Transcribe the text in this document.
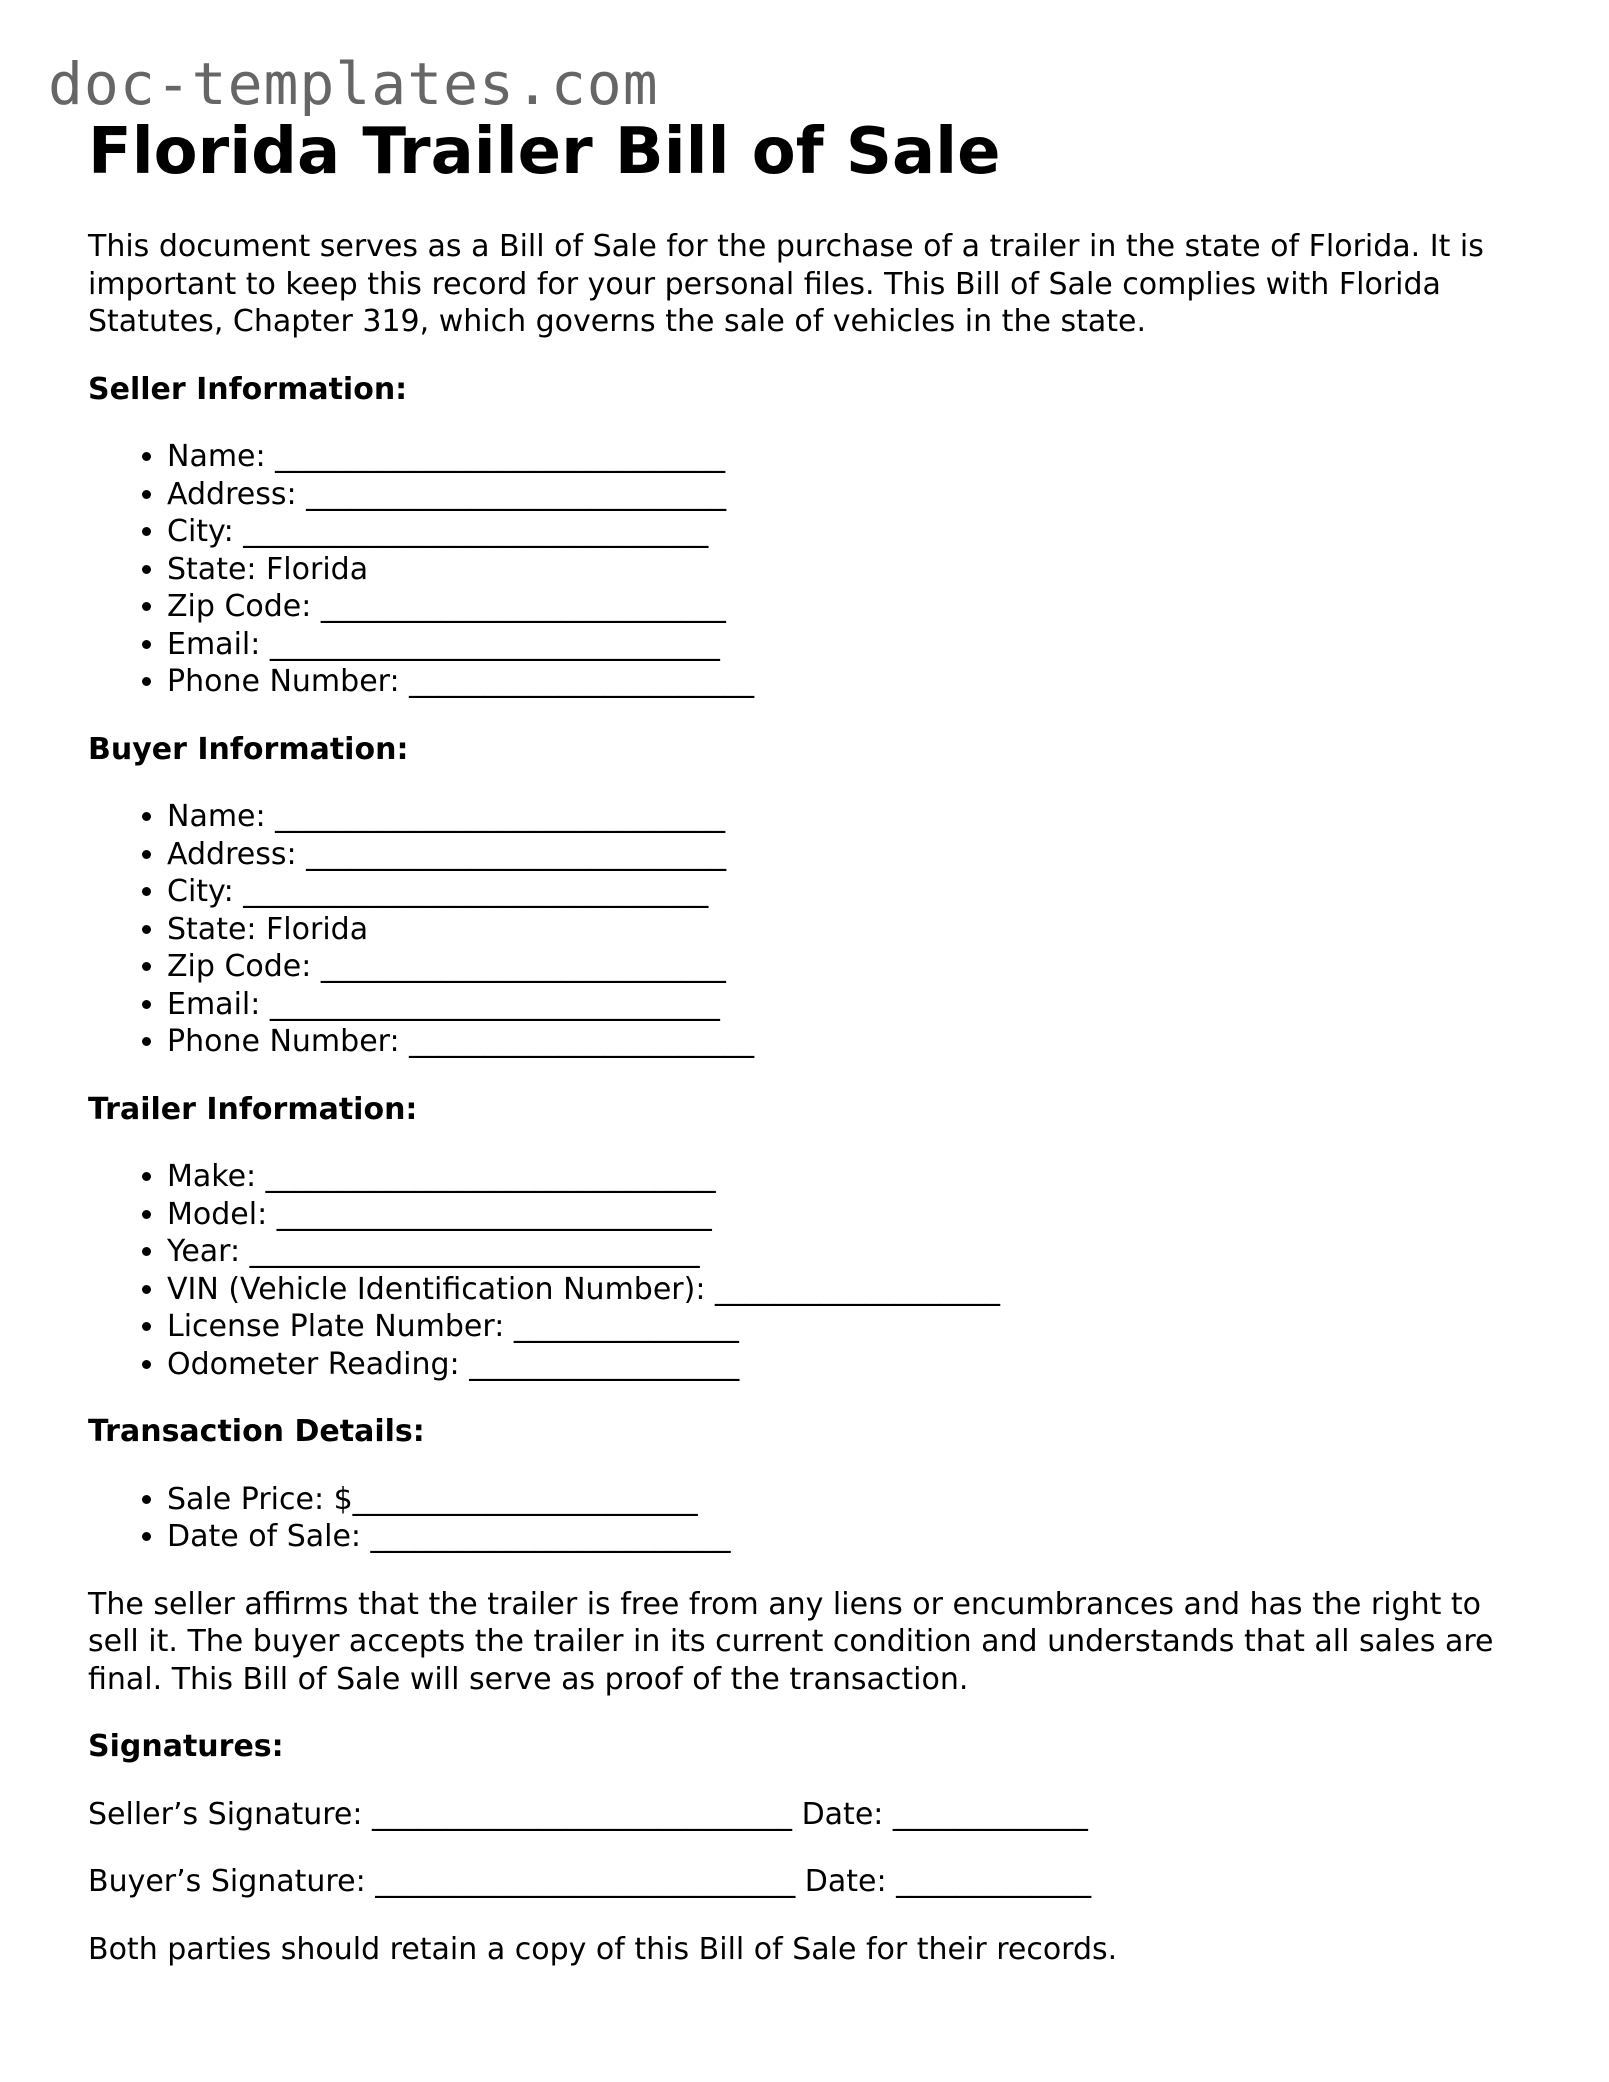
doc-templates.com
Florida Trailer Bill of Sale

This document serves as a Bill of Sale for the purchase of a trailer in the state of Florida. It is important to keep this record for your personal files. This Bill of Sale complies with Florida Statutes, Chapter 319, which governs the sale of vehicles in the state.

Seller Information:
• Name: ______________________________
• Address: ____________________________
• City: _______________________________
• State: Florida
• Zip Code: ___________________________
• Email: ______________________________
• Phone Number: _______________________
Buyer Information:
• Name: ______________________________
• Address: ____________________________
• City: _______________________________
• State: Florida
• Zip Code: ___________________________
• Email: ______________________________
• Phone Number: _______________________
Trailer Information:
• Make: ______________________________
• Model: _____________________________
• Year: ______________________________
• VIN (Vehicle Identification Number): ___________________
• License Plate Number: _______________
• Odometer Reading: __________________
Transaction Details:
• Sale Price: $_______________________
• Date of Sale: ________________________

The seller affirms that the trailer is free from any liens or encumbrances and has the right to sell it. The buyer accepts the trailer in its current condition and understands that all sales are final. This Bill of Sale will serve as proof of the transaction.

Signatures:

Seller’s Signature: ____________________________ Date: _____________

Buyer’s Signature: ____________________________ Date: _____________

Both parties should retain a copy of this Bill of Sale for their records.
